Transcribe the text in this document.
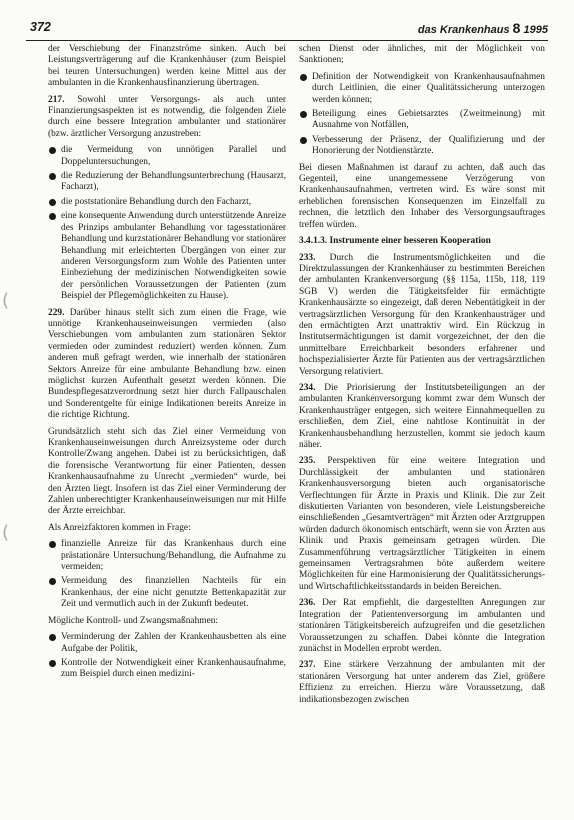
372	das Krankenhaus 8 1995
(
(

der Verschiebung der Finanzströme sinken. Auch bei Leistungsverträgerung auf die Krankenhäuser (zum Beispiel bei teuren Untersuchungen) werden keine Mittel aus der ambulanten in die Krankenhausfinanzierung übertragen.

217. Sowohl unter Versorgungs- als auch unter Finanzierungsaspekten ist es notwendig, die folgenden Ziele durch eine bessere Integration ambulanter und stationärer (bzw. ärztlicher Versorgung anzustreben:

die Vermeidung von unnötigen Parallel und Doppeluntersuchungen,
die Reduzierung der Behandlungsunterbrechung (Hausarzt, Facharzt),
die poststationäre Behandlung durch den Facharzt,
eine konsequente Anwendung durch unterstützende Anreize des Prinzips ambulanter Behandlung vor tagesstationärer Behandlung und kurzstationärer Behandlung vor stationärer Behandlung mit erleichterten Übergängen von einer zur anderen Versorgungsform zum Wohle des Patienten unter Einbeziehung der medizinischen Notwendigkeiten sowie der persönlichen Voraussetzungen der Patienten (zum Beispiel der Pflegemöglichkeiten zu Hause).

229. Darüber hinaus stellt sich zum einen die Frage, wie unnötige Krankenhauseinweisungen vermieden (also Verschiebungen vom ambulanten zum stationären Sektor vermieden oder zumindest reduziert) werden können. Zum anderen muß gefragt werden, wie innerhalb der stationären Sektors Anreize für eine ambulante Behandlung bzw. einen möglichst kurzen Aufenthalt gesetzt werden können. Die Bundespflegesatzverordnung setzt hier durch Fallpauschalen und Sonderentgelte für einige Indikationen bereits Anreize in die richtige Richtung.

Grundsätzlich steht sich das Ziel einer Vermeidung von Krankenhauseinweisungen durch Anreizsysteme oder durch Kontrolle/Zwang angehen. Dabei ist zu berücksichtigen, daß die forensische Verantwortung für einer Patienten, dessen Krankenhausaufnahme zu Unrecht „vermieden“ wurde, bei den Ärzten liegt. Insofern ist das Ziel einer Verminderung der Zahlen unberechtigter Krankenhauseinweisungen nur mit Hilfe der Ärzte erreichbar.

Als Anreizfaktoren kommen in Frage:

finanzielle Anreize für das Krankenhaus durch eine prästationäre Untersuchung/Behandlung, die Aufnahme zu vermeiden;
Vermeidung des finanziellen Nachteils für ein Krankenhaus, der eine nicht genutzte Bettenkapazität zur Zeit und vermutlich auch in der Zukunft bedeutet.

Mögliche Kontroll- und Zwangsmaßnahmen:

Verminderung der Zahlen der Krankenhausbetten als eine Aufgabe der Politik,
Kontrolle der Notwendigkeit einer Krankenhausaufnahme, zum Beispiel durch einen medizini-

schen Dienst oder ähnliches, mit der Möglichkeit von Sanktionen;

Definition der Notwendigkeit von Krankenhausaufnahmen durch Leitlinien, die einer Qualitätssicherung unterzogen werden können;
Beteiligung eines Gebietsarztes (Zweitmeinung) mit Ausnahme von Notfällen,
Verbesserung der Präsenz, der Qualifizierung und der Honorierung der Notdienstärzte.

Bei diesen Maßnahmen ist darauf zu achten, daß auch das Gegenteil, eine unangemessene Verzögerung von Krankenhausaufnahmen, vertreten wird. Es wäre sonst mit erheblichen forensischen Konsequenzen im Einzelfall zu rechnen, die letztlich den Inhaber des Versorgungsauftrages treffen würden.

3.4.1.3. Instrumente einer besseren Kooperation

233. Durch die Instrumentsmöglichkeiten und die Direktzulassungen der Krankenhäuser zu bestimmten Bereichen der ambulanten Krankenversorgung (§§ 115a, 115b, 118, 119 SGB V) werden die Tätigkeitsfelder für ermächtigte Krankenhausärzte so eingezeigt, daß deren Nebentätigkeit in der vertragsärztlichen Versorgung für den Krankenhausträger und den ermächtigten Arzt unattraktiv wird. Ein Rückzug in Institutsermächtigungen ist damit vorgezeichnet, der den die unmittelbare Erreichbarkeit besonders erfahrener und hochspezialisierter Ärzte für Patienten aus der vertragsärztlichen Versorgung relativiert.

234. Die Priorisierung der Institutsbeteiligungen an der ambulanten Krankenversorgung kommt zwar dem Wunsch der Krankenhausträger entgegen, sich weitere Einnahmequellen zu erschließen, dem Ziel, eine nahtlose Kontinuität in der Krankenhausbehandlung herzustellen, kommt sie jedoch kaum näher.

235. Perspektiven für eine weitere Integration und Durchlässigkeit der ambulanten und stationären Krankenhausversorgung bieten auch organisatorische Verflechtungen für Ärzte in Praxis und Klinik. Die zur Zeit diskutierten Varianten von besonderen, viele Leistungsbereiche einschließenden „Gesamtverträgen“ mit Ärzten oder Arztgruppen würden dadurch ökonomisch entschärft, wenn sie von Ärzten aus Klinik und Praxis gemeinsam getragen würden. Die Zusammenführung vertragsärztlicher Tätigkeiten in einem gemeinsamen Vertragsrahmen böte außerdem weitere Möglichkeiten für eine Harmonisierung der Qualitätssicherungs- und Wirtschaftlichkeitsstandards in beiden Bereichen.

236. Der Rat empfiehlt, die dargestellten Anregungen zur Integration der Patientenversorgung im ambulanten und stationären Tätigkeitsbereich aufzugreifen und die gesetzlichen Voraussetzungen zu schaffen. Dabei könnte die Integration zunächst in Modellen erprobt werden.

237. Eine stärkere Verzahnung der ambulanten mit der stationären Versorgung hat unter anderem das Ziel, größere Effizienz zu erreichen. Hierzu wäre Voraussetzung, daß indikationsbezogen zwischen
